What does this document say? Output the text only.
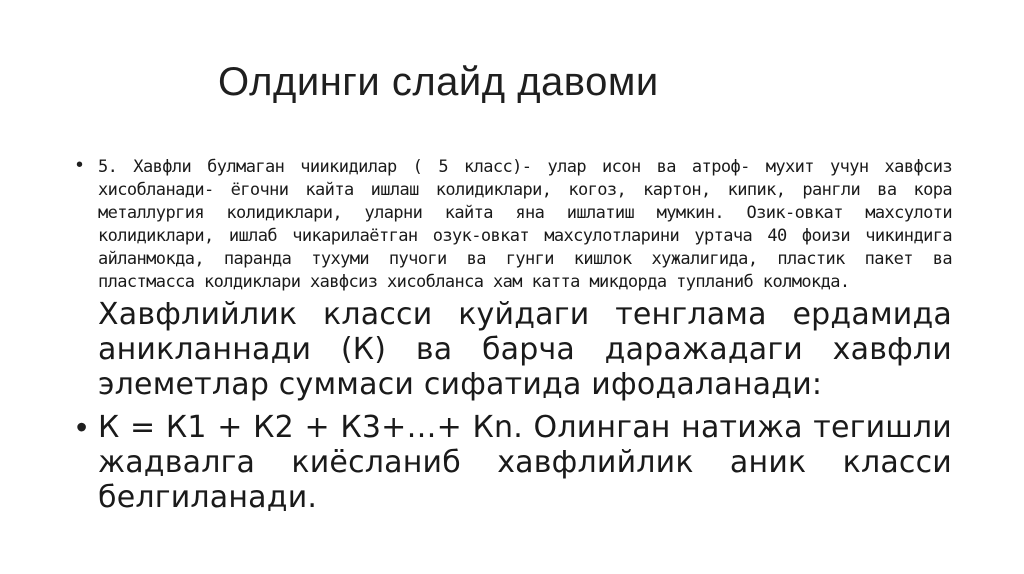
Олдинги слайд давоми
• 5. Хавфли булмаган чиикидилар ( 5 класс)- улар исон ва атроф- мухит учун хавфсиз хисобланади- ёгочни кайта ишлаш колидиклари, когоз, картон, кипик, рангли ва кора металлургия колидиклари, уларни кайта яна ишлатиш мумкин. Озик-овкат махсулоти колидиклари, ишлаб чикарилаётган озук-овкат махсулотларини уртача 40 фоизи чикиндига айланмокда, паранда тухуми пучоги ва гунги кишлок хужалигида, пластик пакет ва пластмасса колдиклари хавфсиз хисобланса хам катта микдорда тупланиб колмокда.
Хавфлийлик класси куйдаги тенглама ердамида аникланнади (К) ва барча даражадаги хавфли элеметлар суммаси сифатида ифодаланади:
• К = К1 + К2 + К3+…+ Кn. Олинган натижа тегишли жадвалга киёсланиб хавфлийлик аник класси белгиланади.
